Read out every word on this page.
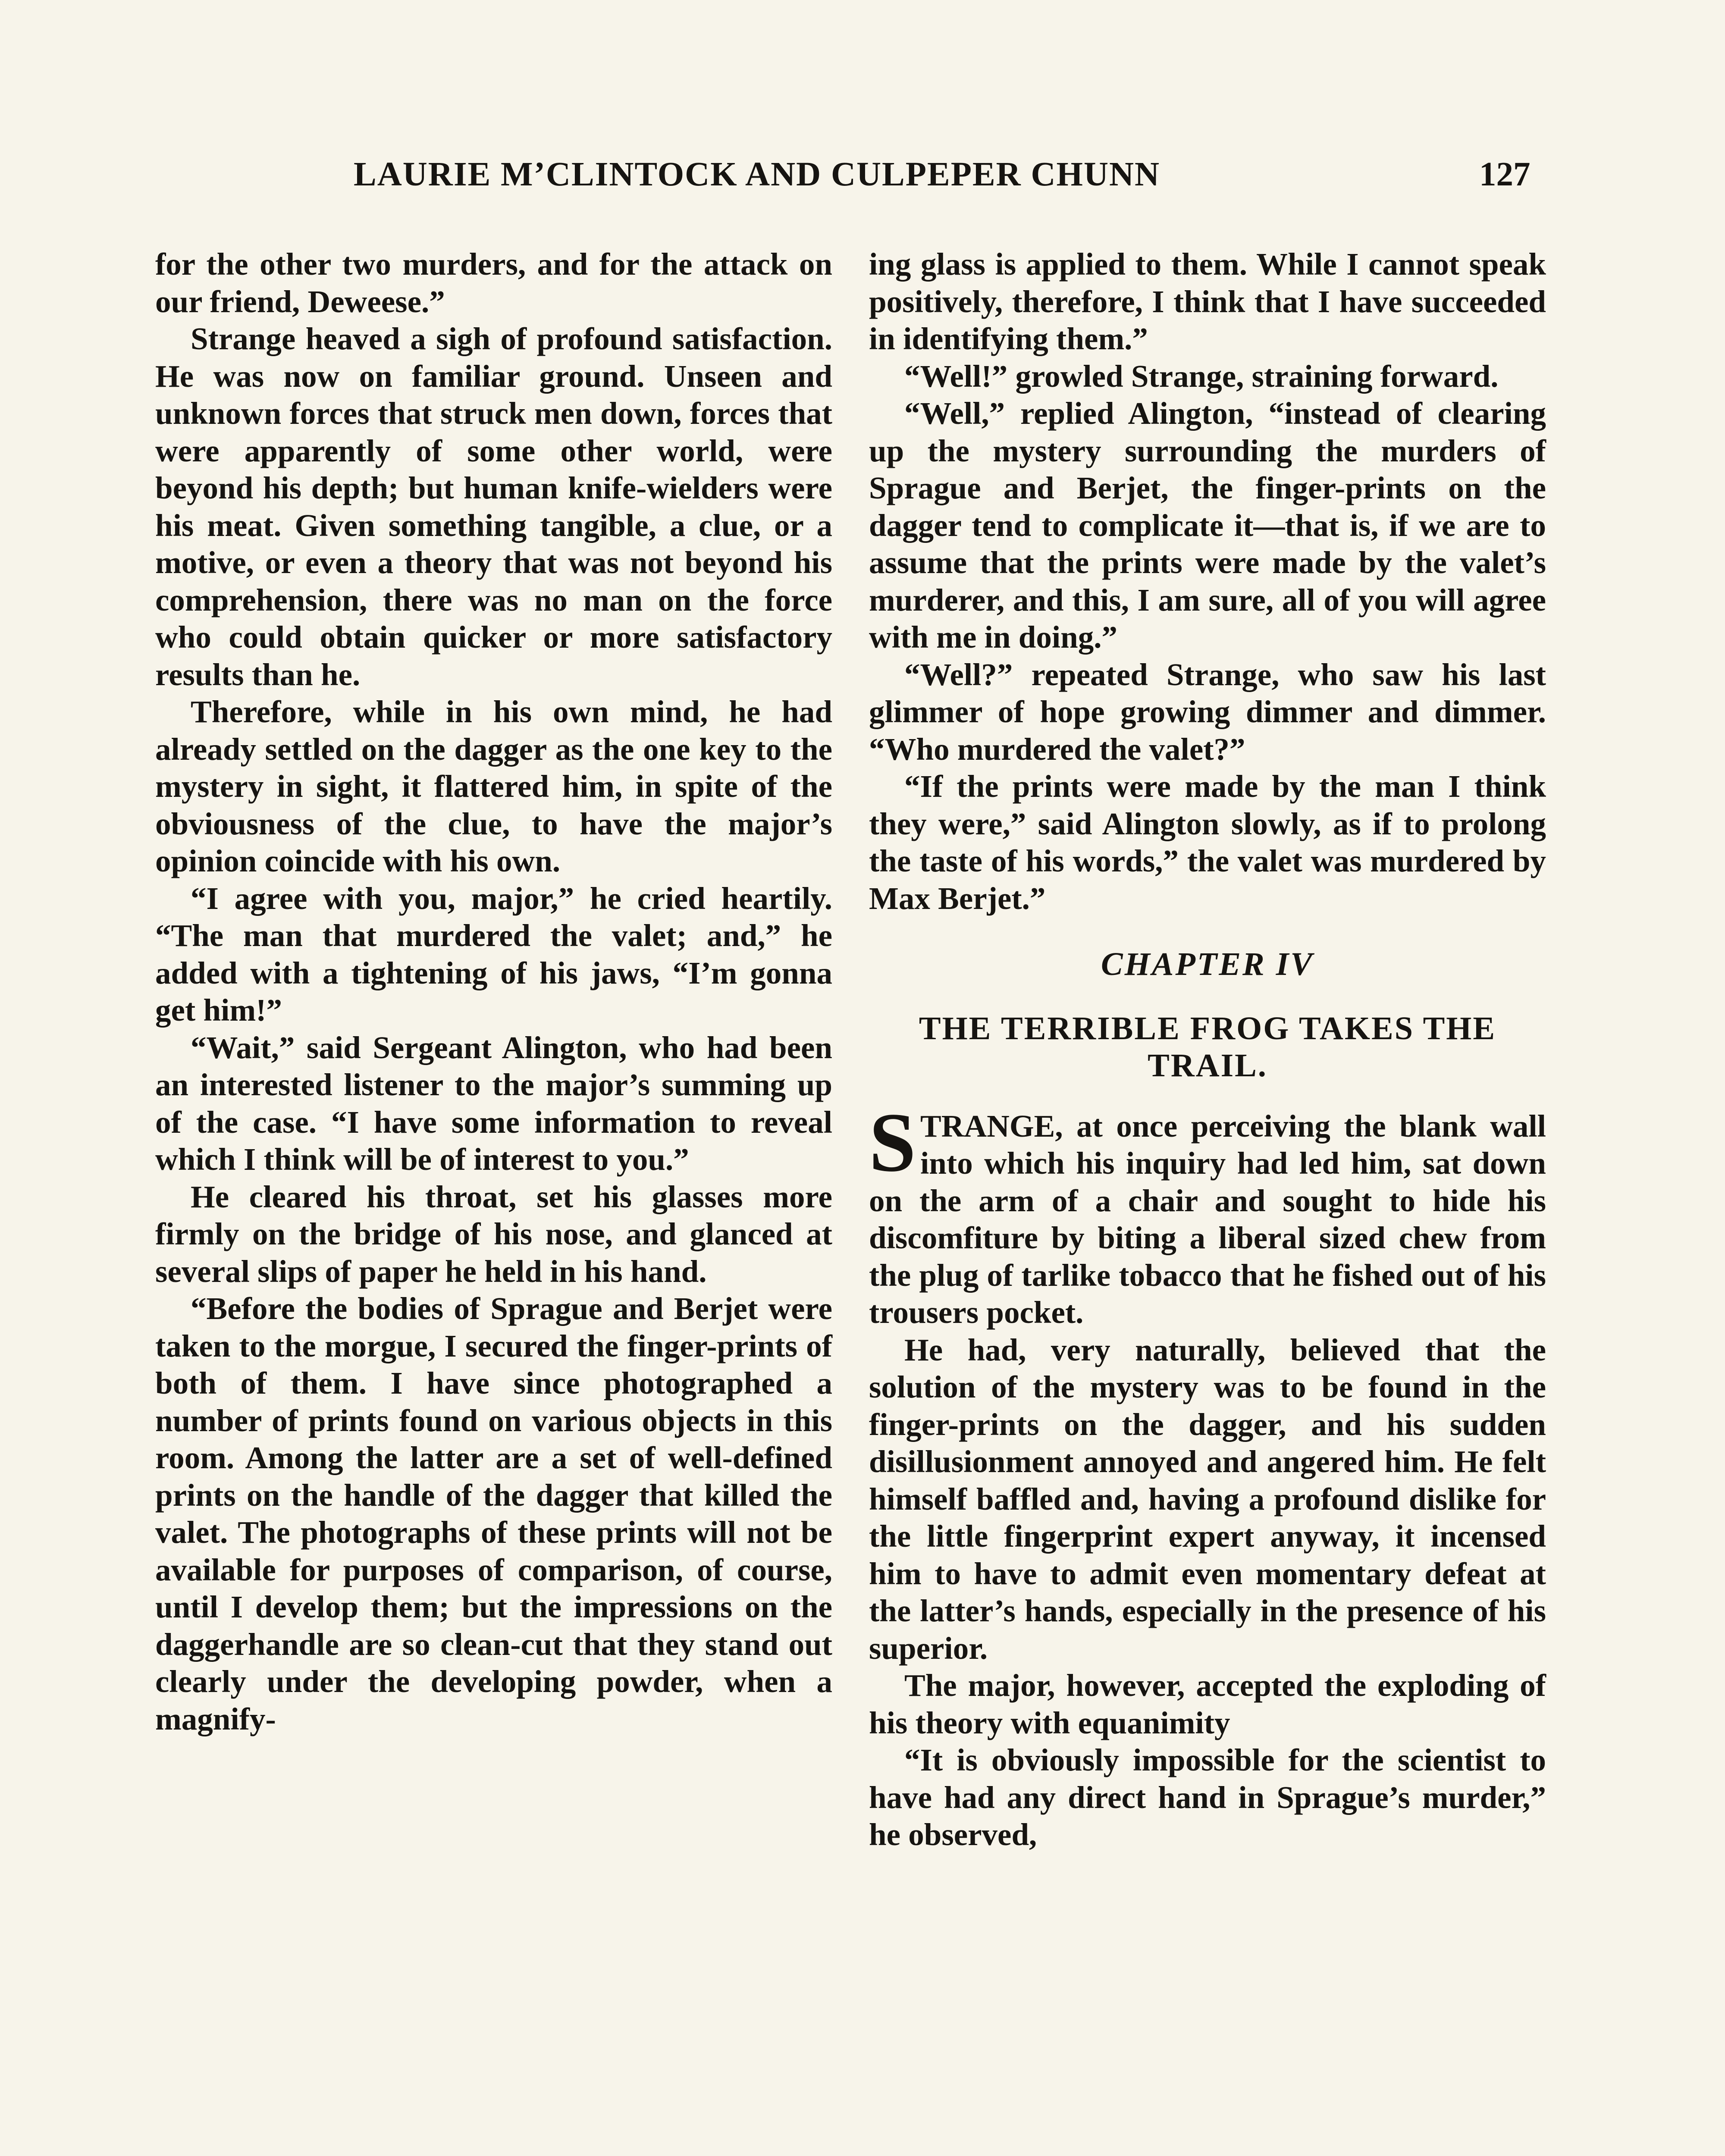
LAURIE M’CLINTOCK AND CULPEPER CHUNN	127

for the other two murders, and for the attack on our friend, Deweese.”

Strange heaved a sigh of profound satisfaction. He was now on familiar ground. Unseen and unknown forces that struck men down, forces that were apparently of some other world, were beyond his depth; but human knife-wielders were his meat. Given something tangible, a clue, or a motive, or even a theory that was not beyond his comprehension, there was no man on the force who could obtain quicker or more satisfactory results than he.

Therefore, while in his own mind, he had already settled on the dagger as the one key to the mystery in sight, it flattered him, in spite of the obviousness of the clue, to have the major’s opinion coincide with his own.

“I agree with you, major,” he cried heartily. “The man that murdered the valet; and,” he added with a tightening of his jaws, “I’m gonna get him!”

“Wait,” said Sergeant Alington, who had been an interested listener to the major’s summing up of the case. “I have some information to reveal which I think will be of interest to you.”

He cleared his throat, set his glasses more firmly on the bridge of his nose, and glanced at several slips of paper he held in his hand.

“Before the bodies of Sprague and Berjet were taken to the morgue, I secured the finger-prints of both of them. I have since photographed a number of prints found on various objects in this room. Among the latter are a set of well-defined prints on the handle of the dagger that killed the valet. The photographs of these prints will not be available for purposes of comparison, of course, until I develop them; but the impressions on the daggerhandle are so clean-cut that they stand out clearly under the developing powder, when a magnify-

ing glass is applied to them. While I cannot speak positively, therefore, I think that I have succeeded in identifying them.”

“Well!” growled Strange, straining forward.

“Well,” replied Alington, “instead of clearing up the mystery surrounding the murders of Sprague and Berjet, the finger-prints on the dagger tend to complicate it—that is, if we are to assume that the prints were made by the valet’s murderer, and this, I am sure, all of you will agree with me in doing.”

“Well?” repeated Strange, who saw his last glimmer of hope growing dimmer and dimmer. “Who murdered the valet?”

“If the prints were made by the man I think they were,” said Alington slowly, as if to prolong the taste of his words,” the valet was murdered by Max Berjet.”

CHAPTER IV

THE TERRIBLE FROG TAKES THE TRAIL.

STRANGE, at once perceiving the blank wall into which his inquiry had led him, sat down on the arm of a chair and sought to hide his discomfiture by biting a liberal sized chew from the plug of tarlike tobacco that he fished out of his trousers pocket.

He had, very naturally, believed that the solution of the mystery was to be found in the finger-prints on the dagger, and his sudden disillusionment annoyed and angered him. He felt himself baffled and, having a profound dislike for the little fingerprint expert anyway, it incensed him to have to admit even momentary defeat at the latter’s hands, especially in the presence of his superior.

The major, however, accepted the exploding of his theory with equanimity

“It is obviously impossible for the scientist to have had any direct hand in Sprague’s murder,” he observed,
